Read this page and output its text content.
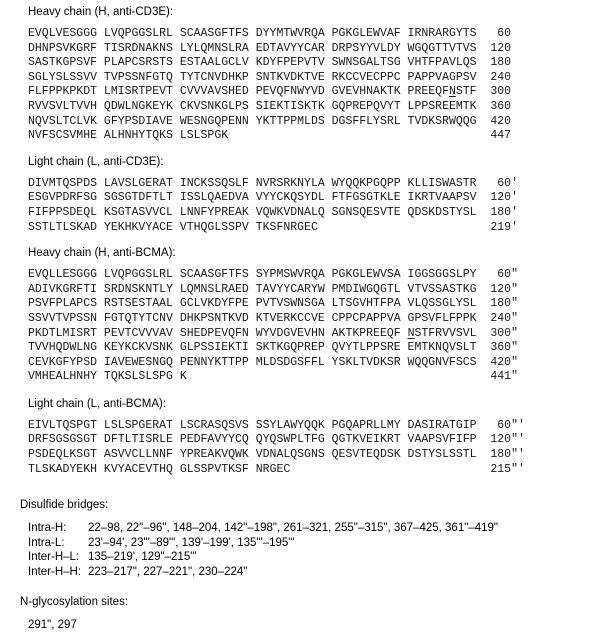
Heavy chain (H, anti-CD3E):
EVQLVESGGG LVQPGGSLRL SCAASGFTFS DYYMTWVRQA PGKGLEWVAF IRNRARGYTS   60
DHNPSVKGRF TISRDNAKNS LYLQMNSLRA EDTAVYYCAR DRPSYYVLDY WGQGTTVTVS  120
SASTKGPSVF PLAPCSRSTS ESTAALGCLV KDYFPEPVTV SWNSGALTSG VHTFPAVLQS  180
SGLYSLSSVV TVPSSNFGTQ TYTCNVDHKP SNTKVDKTVE RKCCVECPPC PAPPVAGPSV  240
FLFPPKPKDT LMISRTPEVT CVVVAVSHED PEVQFNWYVD GVEVHNAKTK PREEQFNSTF  300
RVVSVLTVVH QDWLNGKEYK CKVSNKGLPS SIEKTISKTK GQPREPQVYT LPPSREEMTK  360
NQVSLTCLVK GFYPSDIAVE WESNGQPENN YKTTPPMLDS DGSFFLYSRL TVDKSRWQQG  420
NVFSCSVMHE ALHNHYTQKS LSLSPGK                                      447
Light chain (L, anti-CD3E):
DIVMTQSPDS LAVSLGERAT INCKSSQSLF NVRSRKNYLA WYQQKPGQPP KLLISWASTR   60'
ESGVPDRFSG SGSGTDFTLT ISSLQAEDVA VYYCKQSYDL FTFGSGTKLE IKRTVAAPSV  120'
FIFPPSDEQL KSGTASVVCL LNNFYPREAK VQWKVDNALQ SGNSQESVTE QDSKDSTYSL  180'
SSTLTLSKAD YEKHKVYACE VTHQGLSSPV TKSFNRGEC                         219'
Heavy chain (H, anti-BCMA):
EVQLLESGGG LVQPGGSLRL SCAASGFTFS SYPMSWVRQA PGKGLEWVSA IGGSGGSLPY   60"
ADIVKGRFTI SRDNSKNTLY LQMNSLRAED TAVYYCARYW PMDIWGQGTL VTVSSASTKG  120"
PSVFPLAPCS RSTSESTAAL GCLVKDYFPE PVTVSWNSGA LTSGVHTFPA VLQSSGLYSL  180"
SSVVTVPSSN FGTQTYTCNV DHKPSNTKVD KTVERKCCVE CPPCPAPPVA GPSVFLFPPK  240"
PKDTLMISRT PEVTCVVVAV SHEDPEVQFN WYVDGVEVHN AKTKPREEQF NSTFRVVSVL  300"
TVVHQDWLNG KEYKCKVSNK GLPSSIEKTI SKTKGQPREP QVYTLPPSRE EMTKNQVSLT  360"
CEVKGFYPSD IAVEWESNGQ PENNYKTTPP MLDSDGSFFL YSKLTVDKSR WQQGNVFSCS  420"
VMHEALHNHY TQKSLSLSPG K                                            441"
Light chain (L, anti-BCMA):
EIVLTQSPGT LSLSPGERAT LSCRASQSVS SSYLAWYQQK PGQAPRLLMY DASIRATGIP   60"'
DRFSGSGSGT DFTLTISRLE PEDFAVYYCQ QYQSWPLTFG QGTKVEIKRT VAAPSVFIFP  120"'
PSDEQLKSGT ASVVCLLNNF YPREAKVQWK VDNALQSGNS QESVTEQDSK DSTYSLSSTL  180"'
TLSKADYEKH KVYACEVTHQ GLSSPVTKSF NRGEC                             215"'
Disulfide bridges:
Intra-H:	22–98, 22"–96", 148–204, 142"–198", 261–321, 255"–315", 367–425, 361"–419"
Intra-L:	23'–94', 23"'–89"', 139'–199', 135"'–195"'
Inter-H–L: 135–219', 129"–215"'
Inter-H–H: 223–217", 227–221", 230–224"
N-glycosylation sites:
291", 297
